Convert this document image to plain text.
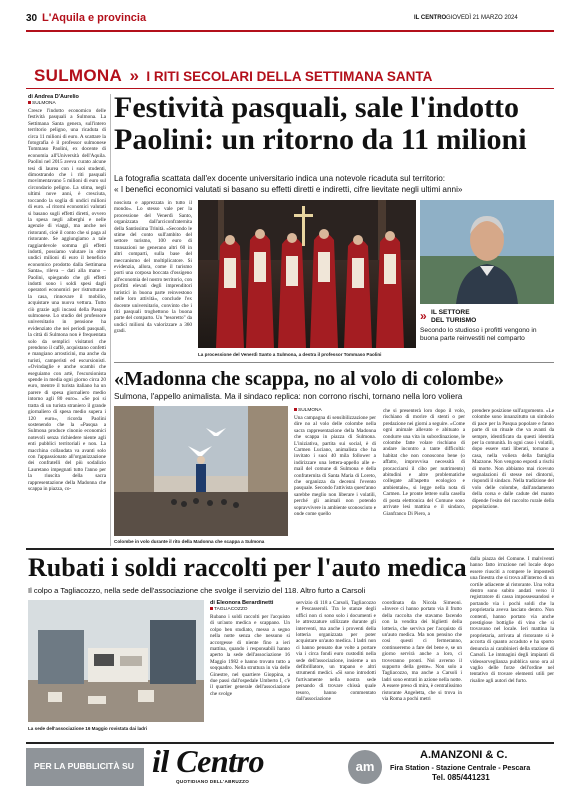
30 L'Aquila e provincia	IL CENTRO GIOVEDÌ 21 MARZO 2024
SULMONA » I RITI SECOLARI DELLA SETTIMANA SANTA
di Andrea D'Aurelio
SULMONA
Cresce l'indotto economico delle festività pasquali a Sulmona. La Settimana Santa genera, sull'intero territorio peligno, una ricaduta di circa 11 milioni di euro. A scattare la fotografia è il professor sulmonese Tommaso Paolini, ex docente di economia all'Università dell'Aquila. Paolini nel 2015 aveva curato alcune tesi di laurea con i suoi studenti, dimostrando che i riti pasquali movimentavano 5 milioni di euro sul circondario peligno. La stima, negli ultimi nove anni, è cresciuta, toccando la soglia di undici milioni di euro. «I ritorni economici valutati si basano sugli effetti diretti, ovvero la spesa negli alberghi e nelle agenzie di viaggi, ma anche nei ristoranti, cioè il conto che si paga al ristorante. Se aggiungiamo a tale raggiardevole somma gli effetti indotti, possiamo valutare in oltre undici milioni di euro il beneficio economico prodotto dalla Settimana Santa», rileva – dati alla mano – Paolini, spiegando che gli effetti indotti sono i soldi spesi dagli operatori economici per ristrutturare la casa, rinnovare il mobilio, acquistare una nuova vettura. Tutto ciò grazie agli incassi della Pasqua sulmonese. Lo studio del professore universitario in pensione ha evidenziato che nei periodi pasquali, la città di Sulmona non è frequentata solo da semplici visitatori che prendono il caffè, acquistano confetti e mangiano arrosticini, ma anche da turisti, camperisti ed escursionisti. «Ovindaglie e anche scambi che eseguiamo con artè, l'escursionista spende in media ogni giorno circa 20 euro, mentre il turista italiano ha un parere di spesa giornaliero medio intorno agli 80 euro». «Se poi si tratta di un turista straniero il grande giornaliero di spesa medio supera i 120 euro», ricorda Paolini sostenendo che la «Pasqua a Sulmona produce cinonio economici notevoli senza richiedere niente agli enti pubblici territoriali e non. La macchina collaudata va avanti solo con l'appassionato all'organizzazione dei confratelli del più sodalizio Lauretano impegnati tutto l'anno per la riuscita della sacra rappresentazione della Madonna che scappa in piazza, co-
Festività pasquali, sale l'indotto
Paolini: un ritorno da 11 milioni
La fotografia scattata dall'ex docente universitario indica una notevole ricaduta sul territorio:
« I benefici economici valutati si basano su effetti diretti e indiretti, cifre lievitate negli ultimi anni»
nosciuta e apprezzata in tutto il mondo». Lo stesso vale per la processione del Venerdì Santo, organizzata dall'arciconfraternita della Santissima Trinità. «Secondo le stime del conto sull'ambito del settore turismo, 100 euro di transazioni ne generano altri 60 in altri comparti, sulla base del meccanismo del moltiplicatore. Si evidenzia, allora, come il turismo porti una corposa boccata d'ossigeno all'economia del nostro territorio, con profitti elevati degli imprenditori turistici in buona parte reinvestono nelle loro attività», conclude l'ex docente universitario, convinto che i riti pasquali troghettono la buona parte del comparto. Un "tesoretto" da undici milioni da valorizzare a 360 gradi.
La processione del Venerdì Santo a Sulmona, a destra il professor Tommaso Paolini
» IL SETTORE
DEL TURISMO
Secondo lo studioso i profitti vengono in buona parte reinvestiti nel comparto
«Madonna che scappa, no al volo di colombe»
Sulmona, l'appello animalista. Ma il sindaco replica: non corrono rischi, tornano nella loro voliera
Colombe in volo durante il rito della Madonna che scappa a Sulmona
SULMONA
Una campagna di sensibilizzazione per dire no al volo delle colombe nella sacra rappresentazione della Madonna che scappa in piazza di Sulmona. L'iniziativa, partita sui social, è di Carmen Luciano, animalista che ha invitato i suoi 40 mila follower a indirizzare una lettera-appello alle e-mail del comune di Sulmona e della confraternita di Santa Maria di Loreto, che organizza da decenni l'evento pasquale. Secondo l'attivista quest'anno sarebbe meglio non liberare i volatili, perché gli animali non potendo sopravvivere in ambiente sconosciuto e onde come quello
che si presenterà loro dopo il volo, rischiano di morire di stenti o per predazione nei giorni a seguire. «Come ogni animale allevato e abituato a condurre una vita in subordinazione, le colombe fatte volare rischiano di andare incontro a tante difficoltà: habitat che non conoscono bene (o affatto, improvvisa necessità di procacciarsi il cibo per nutrimento) abitudini e altre problematiche collegate all'aspetto ecologico e ambientale», si legge nella nota di Carmen. Le pronte lettere sulla casella di posta elettronica del Comune sono arrivate lesi mattina e il sindaco, Gianfranco Di Piero, a
prendere posizione sull'argomento. «Le colombe sono innanzitutto un simbolo di pace per la Pasqua popolare e fanno parte di un rituale che va avanti da sempre, identificato da questi identità per la comunità. In ogni caso i volatili, dopo essere stati liberati, tornano a casa, nella voliera della famiglia Mazzone. Non vengono esposti a rischi di morte. Non abbiamo mai ricevuto segnalazioni di stesse nei dintorni, rispondi il sindaco. Nella tradizione del volo delle colombe, dall'andamento della corsa e dalle cadute del manto dipende l'esito del raccolto rurale della popolazione.
Rubati i soldi raccolti per l'auto medica
Il colpo a Tagliacozzo, nella sede dell'associazione che svolge il servizio del 118. Altro furto a Carsoli
La sede dell'associazione 16 Maggio rovistata dai ladri
di Eleonora Berardinetti
TAGLIACOZZO
Rubano i soldi raccolti per l'acquisto di un'auto medica e scappano. Un colpo ben studiato, messo a segno nella notte senza che nessuno si accorgesse di niente fino a ieri mattina, quando i responsabili hanno aperto la sede dell'associazione 16 Maggio 1982 e hanno trovato tutto a soqquadro. Nella struttura in via delle Ginestre, nel quartiere Gioppina, a due passi dall'ospedale Umberto I, c'è il quartier generale dell'associazione che svolge
servizio di 118 a Carsoli, Tagliacozzo e Pescasseroli. Tra le stanze degli uffici non ci sono solo i documenti e le attrezzature utilizzate durante gli interventi, ma anche i proventi della lotteria organizzata per poter acquistare un'auto medica. I ladri non ci hanno pensato due volte a portare via i circa fondi euro custoditi nella sede dell'associazione, insieme a un defibrillatore, un trapano e altri strumenti medici. «Si sono introdotti furtivamente nella nostra sede persando di trovare chissà quale tesoro, hanno commentato dall'associazione
coordinata da Nicola Simeoni. «Invece ci hanno portato via il frutto della raccolta che stavamo facendo con la vendita dei biglietti della lotteria, che serviva per l'acquisto di un'auto medica. Ma non pensino che così questi ci fermeranno, continueremo a fare del bene e, se un giorno servirà anche a loro, ci troveranno pronti. Noi avremo il supporto della gente». Non solo a Tagliacozzo, ma anche a Carsoli i ladri sono entrati in azione nella notte. A essere preso di mira, è centralissimo ristorante Angeletta, che si trova in via Roma a pochi metri
dalla piazza del Comune. I malviventi hanno fatto irruzione nel locale dopo essere riusciti a rompere le impostedi una finestra che si trova all'interno di un cortile adiacente al ristorante. Una volta dentro sono subito andati verso il registratore di cassa impossessandosi e portando via i pochi soldi che la proprietaria aveva lasciato dentro. Non contenti, hanno portato via anche prestigiose bottiglie di vino che si trovavano nel locale. Ieri mattina la proprietaria, arrivata al ristorante si è accorta di quanto accaduto e ha sporto denuncia ai carabinieri della stazione di Carsoli. Le immagini degli impianti di videosorveglianza pubblica sono ora al vaglio delle forze dell'ordine nel tentativo di trovare elementi utili per risalire agli autori del furto.
PER LA PUBBLICITÀ SU il Centro
QUOTIDIANO DELL'ABRUZZO
am
A.MANZONI & C.
Fira Station - Stazione Centrale - Pescara
Tel. 085/441231
